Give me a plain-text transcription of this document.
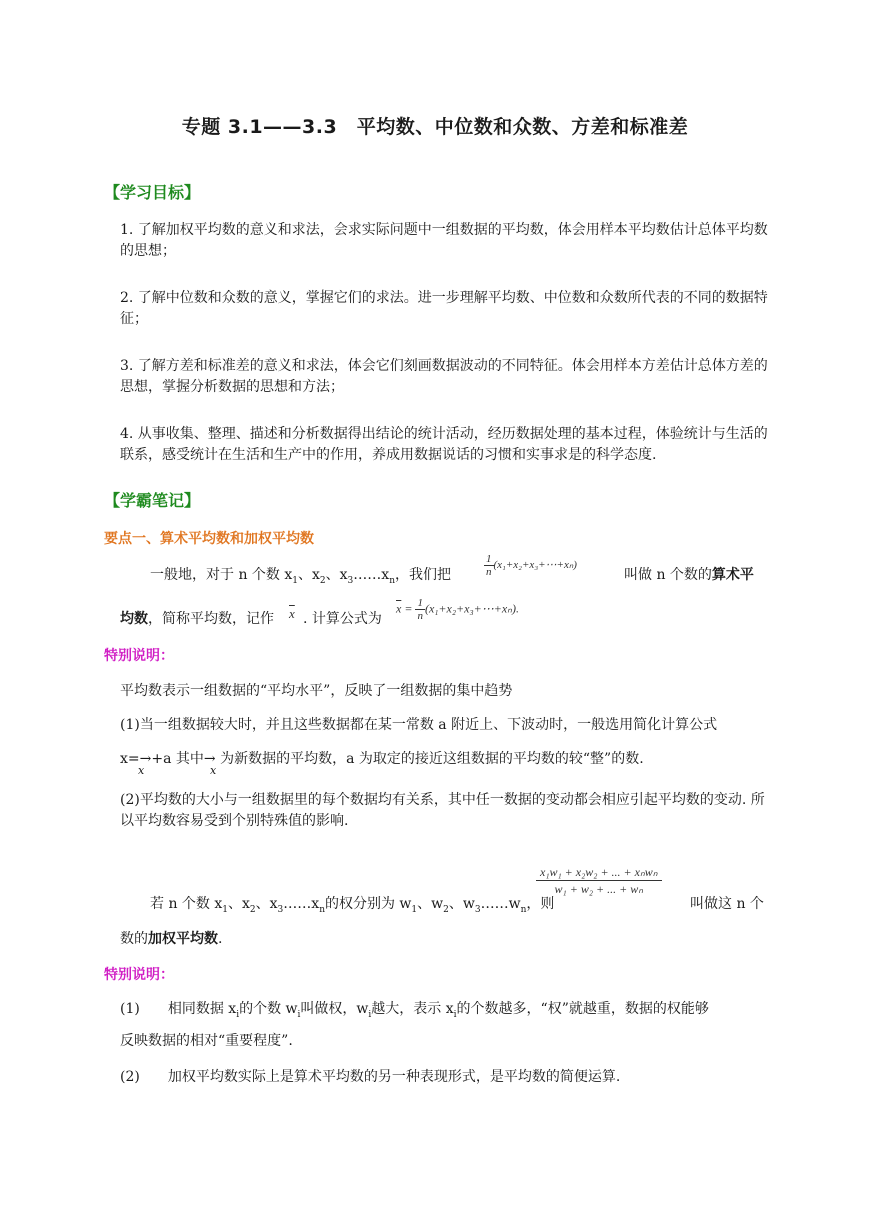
专题 3.1——3.3　平均数、中位数和众数、方差和标准差
【学习目标】
1. 了解加权平均数的意义和求法，会求实际问题中一组数据的平均数，体会用样本平均数估计总体平均数的思想；
2. 了解中位数和众数的意义，掌握它们的求法。进一步理解平均数、中位数和众数所代表的不同的数据特征；
3. 了解方差和标准差的意义和求法，体会它们刻画数据波动的不同特征。体会用样本方差估计总体方差的思想，掌握分析数据的思想和方法；
4. 从事收集、整理、描述和分析数据得出结论的统计活动，经历数据处理的基本过程，体验统计与生活的联系，感受统计在生活和生产中的作用，养成用数据说话的习惯和实事求是的科学态度.
【学霸笔记】
要点一、算术平均数和加权平均数
一般地，对于 n 个数 $x_1$、$x_2$、$x_3\dots\dots x_n$，我们把	$\frac{1}{n}$ (x₁+x₂+x₃+⋯+xₙ)
叫做 n 个数的算术平
均数，简称平均数，记作 $\overline{x}$ . 计算公式为
$\overline{x} = \frac{1}{n}$ (x₁+x₂+x₃+⋯+xₙ).
特别说明：
平均数表示一组数据的“平均水平”，反映了一组数据的集中趋势
(1)当一组数据较大时，并且这些数据都在某一常数 a 附近上、下波动时，一般选用简化计算公式
x=→+a 其中→ 为新数据的平均数，a 为取定的接近这组数据的平均数的较“整”的数.
x	x
(2)平均数的大小与一组数据里的每个数据均有关系，其中任一数据的变动都会相应引起平均数的变动. 所以平均数容易受到个别特殊值的影响.
x₁w₁ + x₂w₂ + ... + xₙwₙ
w₁ + w₂ + ... + wₙ
若 n 个数 $x_1$、$x_2$、$x_3\dots\dots x_n$的权分别为 $w_1$、$w_2$、$w_3\dots\dots w_n$，则	叫做这 n 个
数的加权平均数.
特别说明：
(1) 相同数据 $x_i$的个数 $w_i$叫做权，$w_i$越大，表示 $x_i$的个数越多，“权”就越重，数据的权能够
反映数据的相对“重要程度”.
(2) 加权平均数实际上是算术平均数的另一种表现形式，是平均数的简便运算.
